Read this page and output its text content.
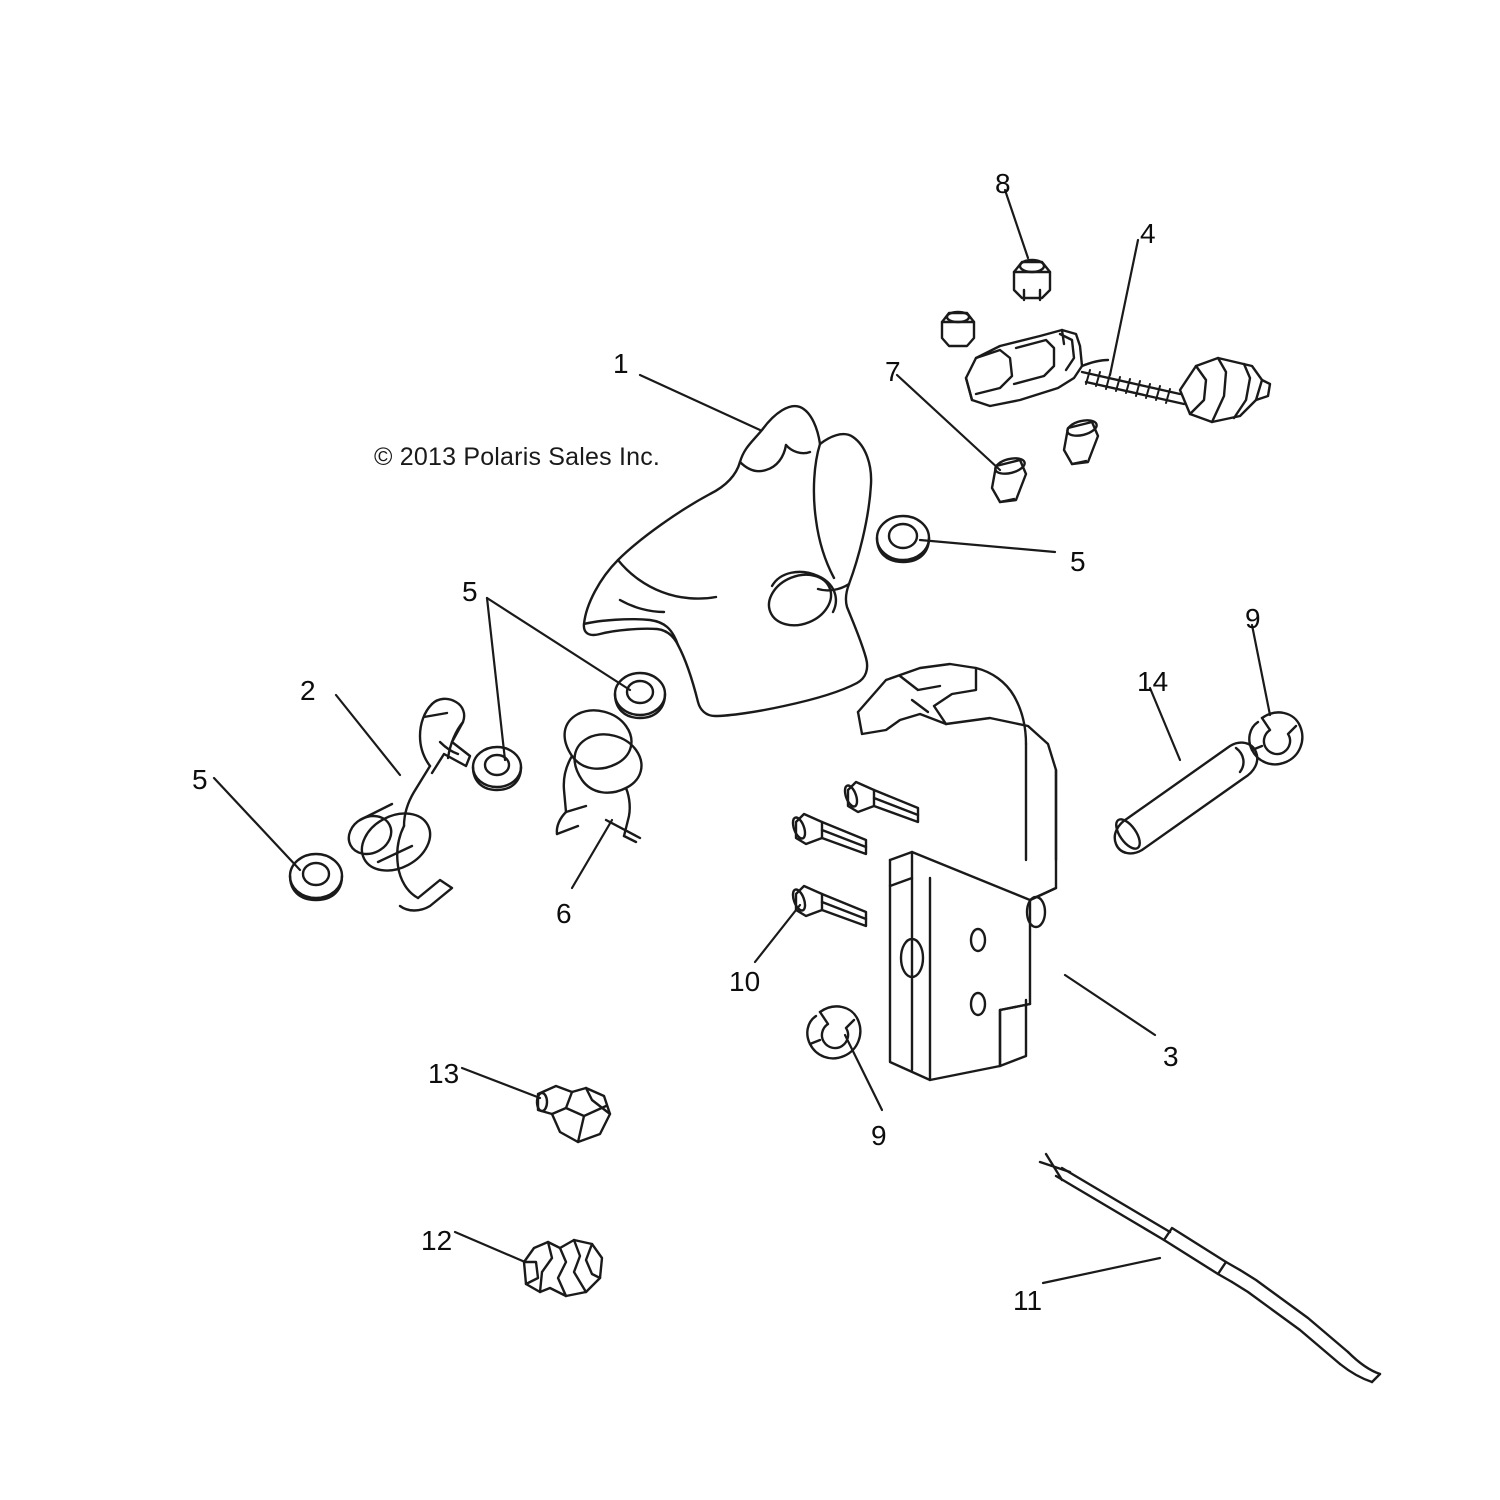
© 2013 Polaris Sales Inc.
1
2
3
4
5
5
5
6
7
8
9
9
10
11
12
13
14
